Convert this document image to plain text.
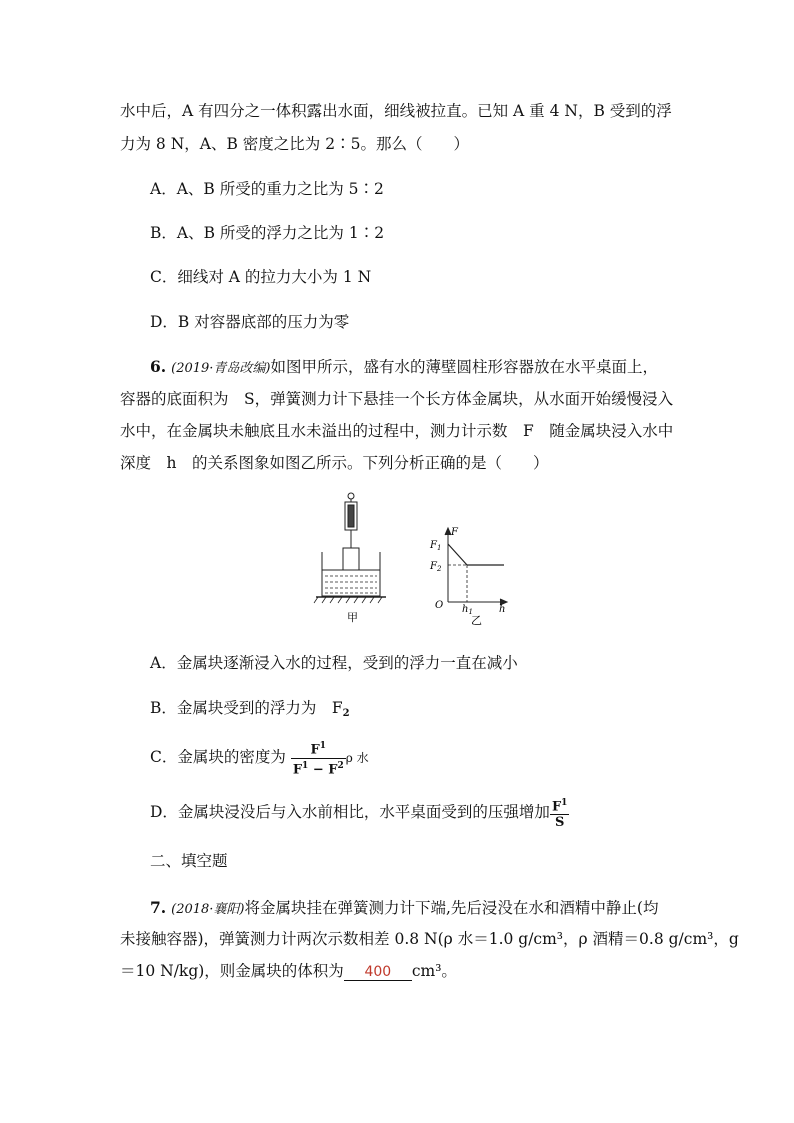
水中后，A 有四分之一体积露出水面，细线被拉直。已知 A 重 4 N，B 受到的浮
力为 8 N，A、B 密度之比为 2∶5。那么（　　）
A．A、B 所受的重力之比为 5∶2
B．A、B 所受的浮力之比为 1∶2
C．细线对 A 的拉力大小为 1 N
D．B 对容器底部的压力为零
6. (2019·青岛改编)如图甲所示，盛有水的薄壁圆柱形容器放在水平桌面上，
容器的底面积为　S，弹簧测力计下悬挂一个长方体金属块，从水面开始缓慢浸入
水中，在金属块未触底且水未溢出的过程中，测力计示数　F　随金属块浸入水中
深度　h　的关系图象如图乙所示。下列分析正确的是（　　）
甲
F
h
O
$F_1$
$F_2$
$h_1$
乙
A．金属块逐渐浸入水的过程，受到的浮力一直在减小
B．金属块受到的浮力为　$F_2$
C．金属块的密度为 $\frac{F^1}{F^1 - F^2}$ ρ 水
D．金属块浸没后与入水前相比，水平桌面受到的压强增加 $\frac{F^1}{S}$
二、填空题
7. (2018·襄阳)将金属块挂在弹簧测力计下端,先后浸没在水和酒精中静止(均
未接触容器)，弹簧测力计两次示数相差 0.8 N(ρ 水＝1.0 g/cm³，ρ 酒精＝0.8 g/cm³，g
＝10 N/kg)，则金属块的体积为 400 cm³。
